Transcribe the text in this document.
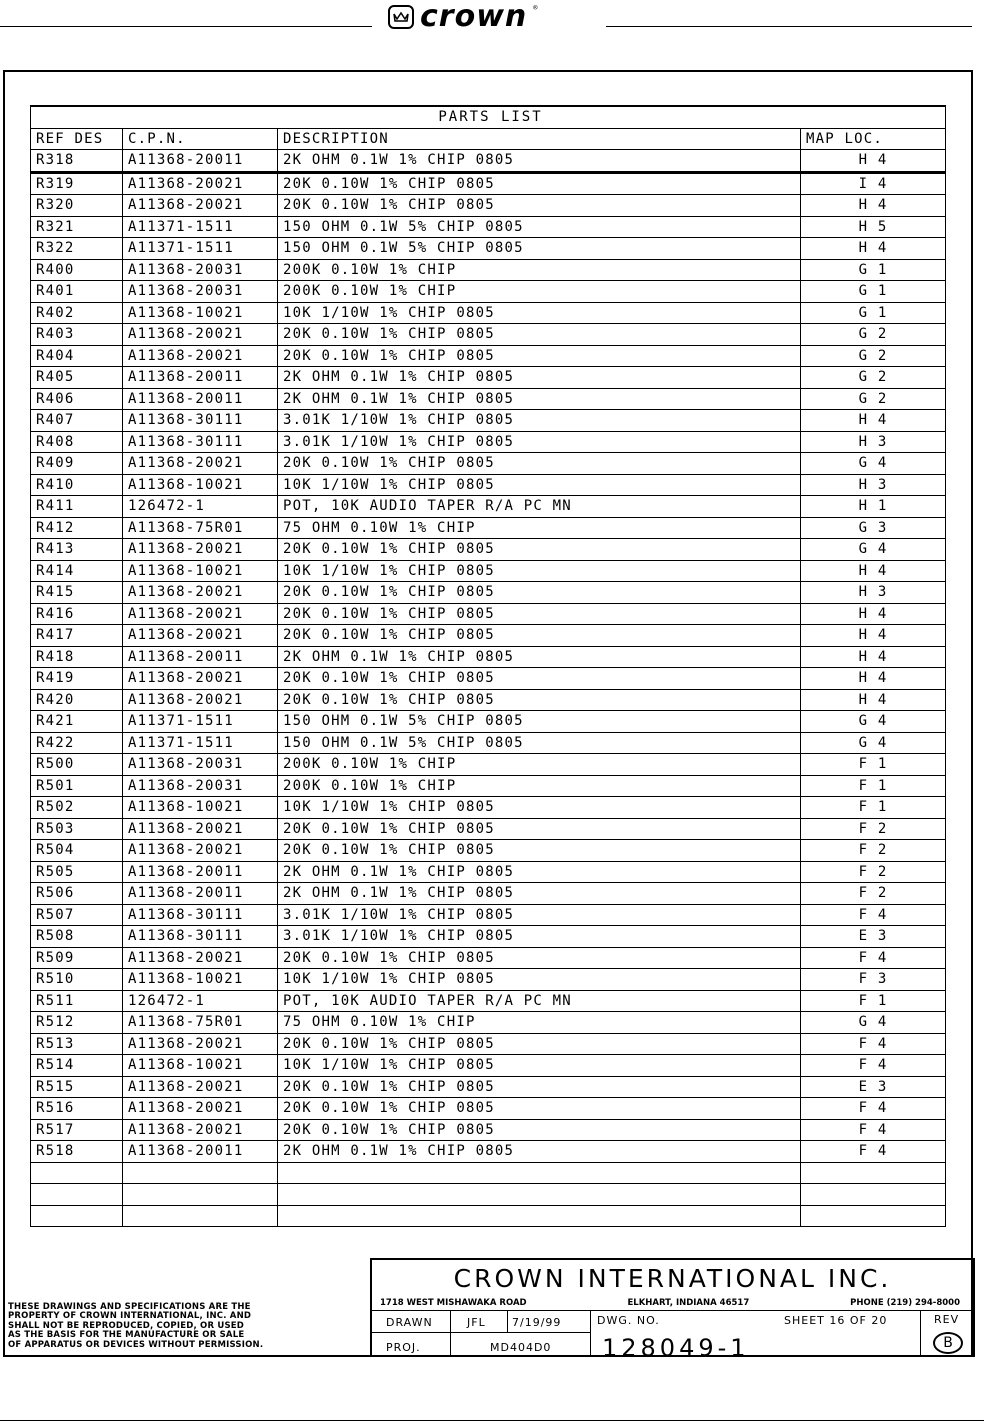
crown ®
PARTS LIST			
REF DES	C.P.N.	DESCRIPTION	MAP LOC.
R318	A11368-20011	2K OHM 0.1W 1% CHIP 0805	H 4
R319	A11368-20021	20K 0.10W 1% CHIP 0805	I 4
R320	A11368-20021	20K 0.10W 1% CHIP 0805	H 4
R321	A11371-1511	150 OHM 0.1W 5% CHIP 0805	H 5
R322	A11371-1511	150 OHM 0.1W 5% CHIP 0805	H 4
R400	A11368-20031	200K 0.10W 1% CHIP	G 1
R401	A11368-20031	200K 0.10W 1% CHIP	G 1
R402	A11368-10021	10K 1/10W 1% CHIP 0805	G 1
R403	A11368-20021	20K 0.10W 1% CHIP 0805	G 2
R404	A11368-20021	20K 0.10W 1% CHIP 0805	G 2
R405	A11368-20011	2K OHM 0.1W 1% CHIP 0805	G 2
R406	A11368-20011	2K OHM 0.1W 1% CHIP 0805	G 2
R407	A11368-30111	3.01K 1/10W 1% CHIP 0805	H 4
R408	A11368-30111	3.01K 1/10W 1% CHIP 0805	H 3
R409	A11368-20021	20K 0.10W 1% CHIP 0805	G 4
R410	A11368-10021	10K 1/10W 1% CHIP 0805	H 3
R411	126472-1	POT, 10K AUDIO TAPER R/A PC MN	H 1
R412	A11368-75R01	75 OHM 0.10W 1% CHIP	G 3
R413	A11368-20021	20K 0.10W 1% CHIP 0805	G 4
R414	A11368-10021	10K 1/10W 1% CHIP 0805	H 4
R415	A11368-20021	20K 0.10W 1% CHIP 0805	H 3
R416	A11368-20021	20K 0.10W 1% CHIP 0805	H 4
R417	A11368-20021	20K 0.10W 1% CHIP 0805	H 4
R418	A11368-20011	2K OHM 0.1W 1% CHIP 0805	H 4
R419	A11368-20021	20K 0.10W 1% CHIP 0805	H 4
R420	A11368-20021	20K 0.10W 1% CHIP 0805	H 4
R421	A11371-1511	150 OHM 0.1W 5% CHIP 0805	G 4
R422	A11371-1511	150 OHM 0.1W 5% CHIP 0805	G 4
R500	A11368-20031	200K 0.10W 1% CHIP	F 1
R501	A11368-20031	200K 0.10W 1% CHIP	F 1
R502	A11368-10021	10K 1/10W 1% CHIP 0805	F 1
R503	A11368-20021	20K 0.10W 1% CHIP 0805	F 2
R504	A11368-20021	20K 0.10W 1% CHIP 0805	F 2
R505	A11368-20011	2K OHM 0.1W 1% CHIP 0805	F 2
R506	A11368-20011	2K OHM 0.1W 1% CHIP 0805	F 2
R507	A11368-30111	3.01K 1/10W 1% CHIP 0805	F 4
R508	A11368-30111	3.01K 1/10W 1% CHIP 0805	E 3
R509	A11368-20021	20K 0.10W 1% CHIP 0805	F 4
R510	A11368-10021	10K 1/10W 1% CHIP 0805	F 3
R511	126472-1	POT, 10K AUDIO TAPER R/A PC MN	F 1
R512	A11368-75R01	75 OHM 0.10W 1% CHIP	G 4
R513	A11368-20021	20K 0.10W 1% CHIP 0805	F 4
R514	A11368-10021	10K 1/10W 1% CHIP 0805	F 4
R515	A11368-20021	20K 0.10W 1% CHIP 0805	E 3
R516	A11368-20021	20K 0.10W 1% CHIP 0805	F 4
R517	A11368-20021	20K 0.10W 1% CHIP 0805	F 4
R518	A11368-20011	2K OHM 0.1W 1% CHIP 0805	F 4

THESE DRAWINGS AND SPECIFICATIONS ARE THE
PROPERTY OF CROWN INTERNATIONAL, INC. AND
SHALL NOT BE REPRODUCED, COPIED, OR USED
AS THE BASIS FOR THE MANUFACTURE OR SALE
OF APPARATUS OR DEVICES WITHOUT PERMISSION.
CROWN INTERNATIONAL INC.
1718 WEST MISHAWAKA ROAD	ELKHART, INDIANA 46517	PHONE (219) 294-8000
DRAWN	JFL 7/19/99
PROJ.	MD404D0
DWG. NO.	SHEET 16 OF 20
128049-1
REV
B
